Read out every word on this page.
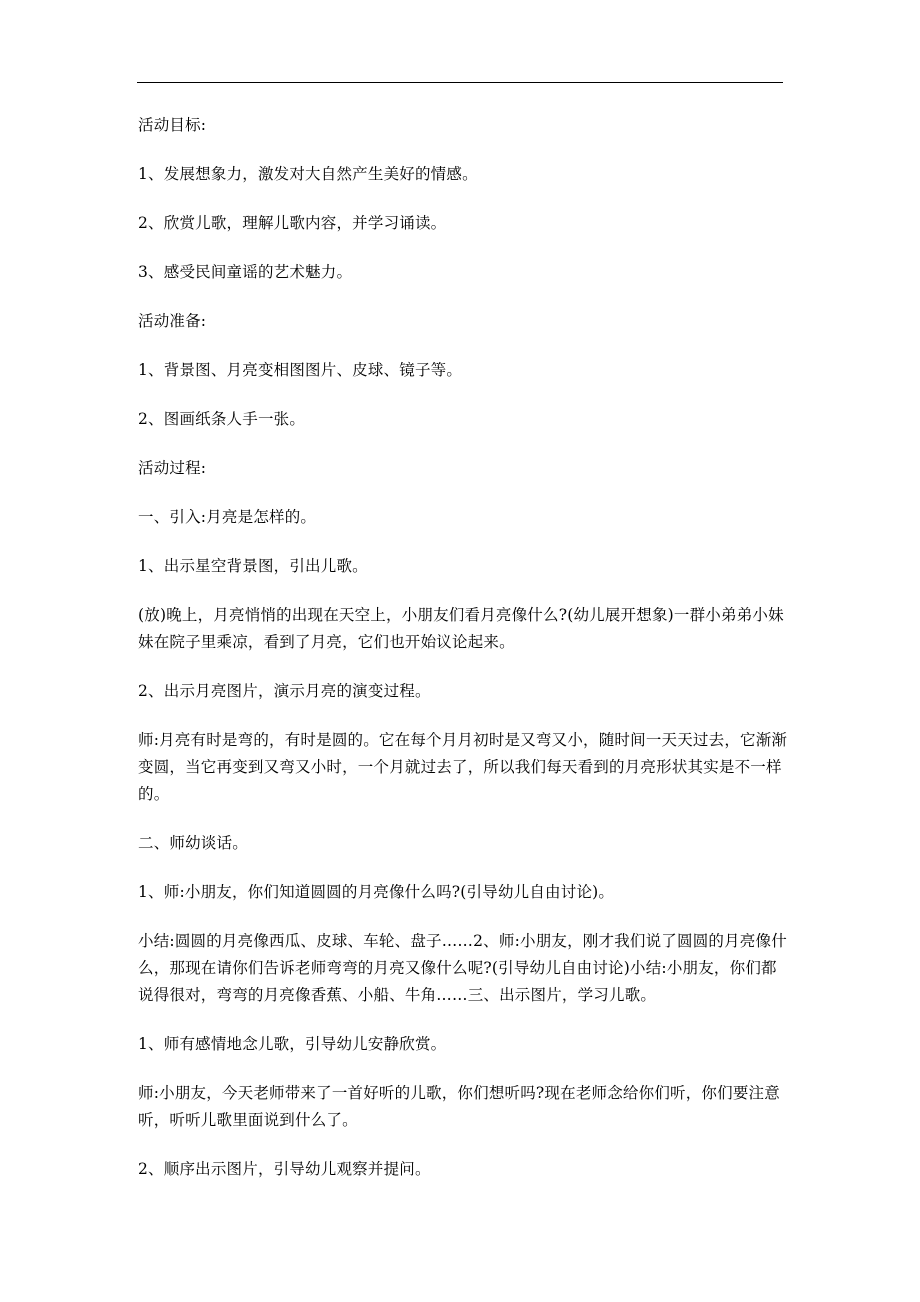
活动目标:

1、发展想象力，激发对大自然产生美好的情感。

2、欣赏儿歌，理解儿歌内容，并学习诵读。

3、感受民间童谣的艺术魅力。

活动准备:

1、背景图、月亮变相图图片、皮球、镜子等。

2、图画纸条人手一张。

活动过程:

一、引入:月亮是怎样的。

1、出示星空背景图，引出儿歌。

(放)晚上，月亮悄悄的出现在天空上，小朋友们看月亮像什么?(幼儿展开想象)一群小弟弟小妹妹在院子里乘凉，看到了月亮，它们也开始议论起来。

2、出示月亮图片，演示月亮的演变过程。

师:月亮有时是弯的，有时是圆的。它在每个月月初时是又弯又小，随时间一天天过去，它渐渐变圆，当它再变到又弯又小时，一个月就过去了，所以我们每天看到的月亮形状其实是不一样的。

二、师幼谈话。

1、师:小朋友，你们知道圆圆的月亮像什么吗?(引导幼儿自由讨论)。

小结:圆圆的月亮像西瓜、皮球、车轮、盘子……2、师:小朋友，刚才我们说了圆圆的月亮像什么，那现在请你们告诉老师弯弯的月亮又像什么呢?(引导幼儿自由讨论)小结:小朋友，你们都说得很对，弯弯的月亮像香蕉、小船、牛角……三、出示图片，学习儿歌。

1、师有感情地念儿歌，引导幼儿安静欣赏。

师:小朋友，今天老师带来了一首好听的儿歌，你们想听吗?现在老师念给你们听，你们要注意听，听听儿歌里面说到什么了。

2、顺序出示图片，引导幼儿观察并提问。
